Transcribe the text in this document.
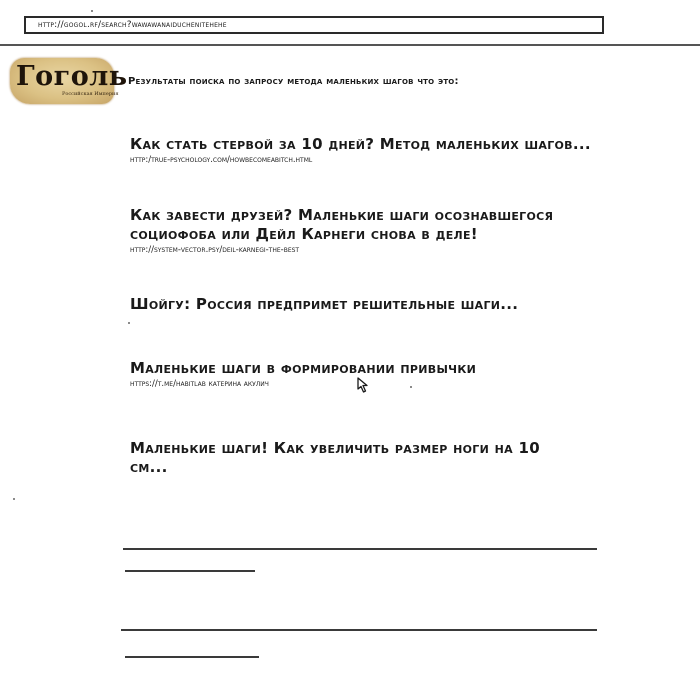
http://gogol.rf/search?wawawanaiduchenitehehe
Гоголь
Российская Империя
Результаты поиска по запросу метода маленьких шагов что это:
Как стать стервой за 10 дней? Метод маленьких шагов...
http:/true-psychology.com/howbecomeabitch.html
Как завести друзей? Маленькие шаги осознавшегося социофоба или Дейл Карнеги снова в деле!
http://system-vector.psy/deil-karnegi-the-best
Шойгу: Россия предпримет решительные шаги...
Маленькие шаги в формировании привычки
https://t.me/habitlab катерина акулич
Маленькие шаги! Как увеличить размер ноги на 10 см...
